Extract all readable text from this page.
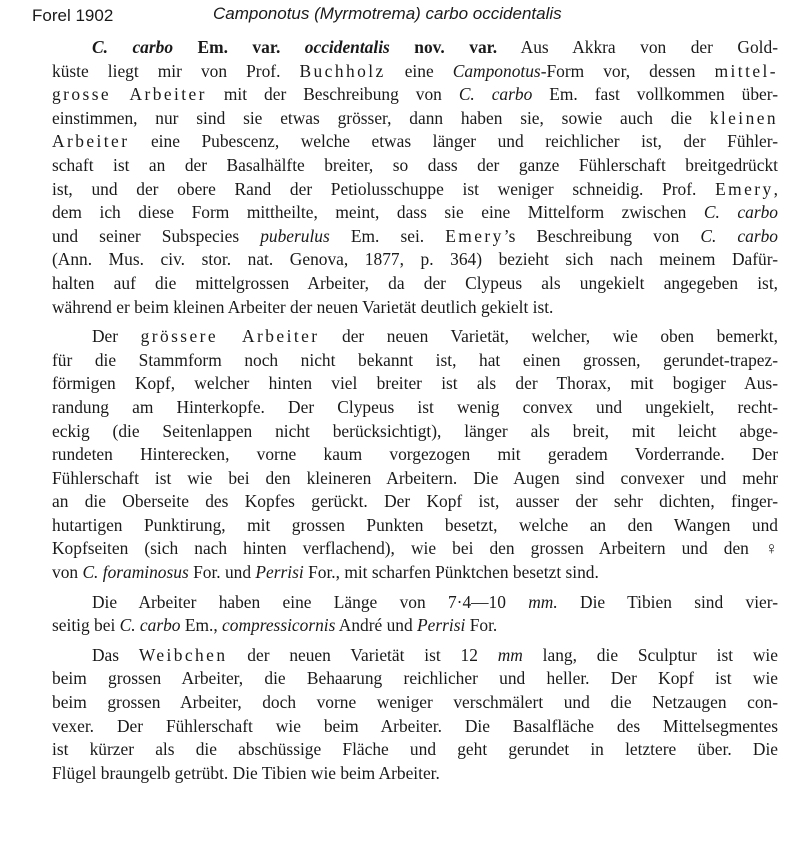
Forel 1902	Camponotus (Myrmotrema) carbo occidentalis

C. carbo Em. var. occidentalis nov. var. Aus Akkra von der Gold-
küste liegt mir von Prof. Buchholz eine Camponotus-Form vor, dessen mittel-
grosse Arbeiter mit der Beschreibung von C. carbo Em. fast vollkommen über-
einstimmen, nur sind sie etwas grösser, dann haben sie, sowie auch die kleinen
Arbeiter eine Pubescenz, welche etwas länger und reichlicher ist, der Fühler-
schaft ist an der Basalhälfte breiter, so dass der ganze Fühlerschaft breitgedrückt
ist, und der obere Rand der Petiolusschuppe ist weniger schneidig. Prof. Emery,
dem ich diese Form mittheilte, meint, dass sie eine Mittelform zwischen C. carbo
und seiner Subspecies puberulus Em. sei. Emery’s Beschreibung von C. carbo
(Ann. Mus. civ. stor. nat. Genova, 1877, p. 364) bezieht sich nach meinem Dafür-
halten auf die mittelgrossen Arbeiter, da der Clypeus als ungekielt angegeben ist,
während er beim kleinen Arbeiter der neuen Varietät deutlich gekielt ist.

Der grössere Arbeiter der neuen Varietät, welcher, wie oben bemerkt,
für die Stammform noch nicht bekannt ist, hat einen grossen, gerundet-trapez-
förmigen Kopf, welcher hinten viel breiter ist als der Thorax, mit bogiger Aus-
randung am Hinterkopfe. Der Clypeus ist wenig convex und ungekielt, recht-
eckig (die Seitenlappen nicht berücksichtigt), länger als breit, mit leicht abge-
rundeten Hinterecken, vorne kaum vorgezogen mit geradem Vorderrande. Der
Fühlerschaft ist wie bei den kleineren Arbeitern. Die Augen sind convexer und mehr
an die Oberseite des Kopfes gerückt. Der Kopf ist, ausser der sehr dichten, finger-
hutartigen Punktirung, mit grossen Punkten besetzt, welche an den Wangen und
Kopfseiten (sich nach hinten verflachend), wie bei den grossen Arbeitern und den ♀
von C. foraminosus For. und Perrisi For., mit scharfen Pünktchen besetzt sind.

Die Arbeiter haben eine Länge von 7·4—10 mm. Die Tibien sind vier-
seitig bei C. carbo Em., compressicornis André und Perrisi For.

Das Weibchen der neuen Varietät ist 12 mm lang, die Sculptur ist wie
beim grossen Arbeiter, die Behaarung reichlicher und heller. Der Kopf ist wie
beim grossen Arbeiter, doch vorne weniger verschmälert und die Netzaugen con-
vexer. Der Fühlerschaft wie beim Arbeiter. Die Basalfläche des Mittelsegmentes
ist kürzer als die abschüssige Fläche und geht gerundet in letztere über. Die
Flügel braungelb getrübt. Die Tibien wie beim Arbeiter.
